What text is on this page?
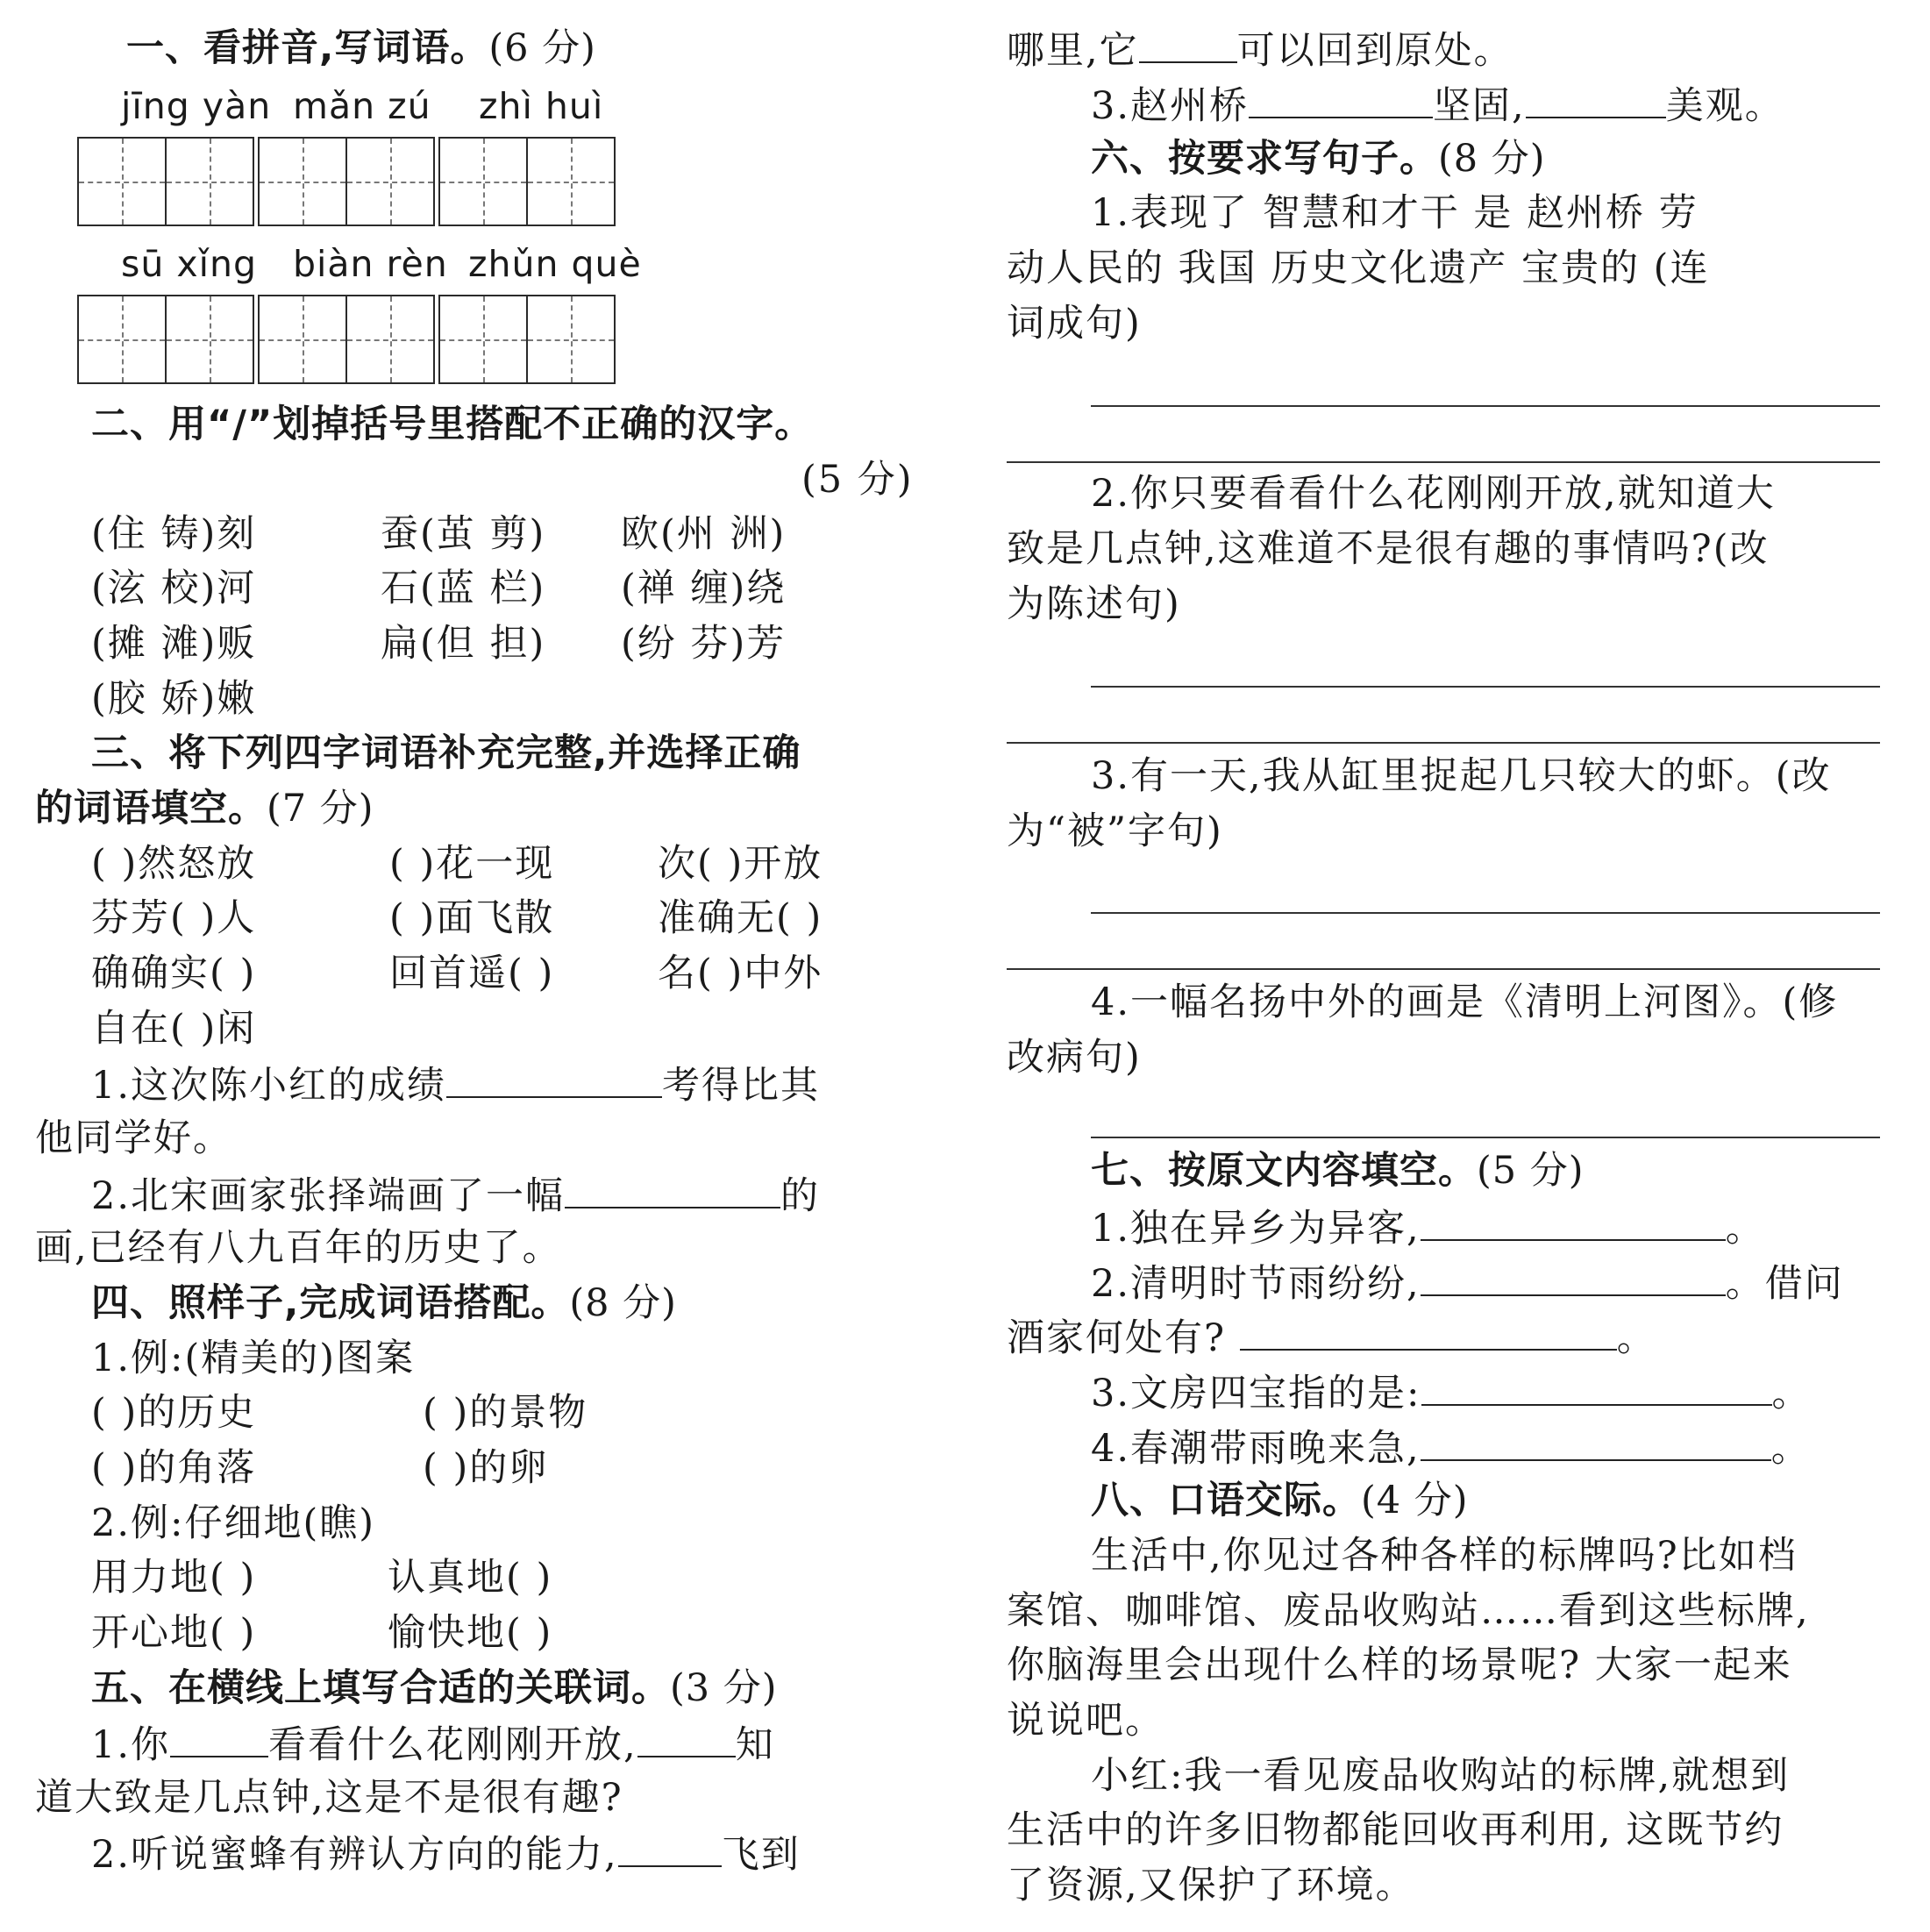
一、看拼音,写词语。(6 分)
jīng yàn mǎn zú zhì huì
sū xǐng biàn rèn zhǔn què
二、用“/”划掉括号里搭配不正确的汉字。
(5 分)
(住 铸)刻	蚕(茧 剪) 欧(州 洲)
(泫 校)河	石(蓝 栏) (禅 缠)绕
(摊 滩)贩	扁(但 担) (纷 芬)芳
(胶 娇)嫩
三、将下列四字词语补充完整,并选择正确
的词语填空。(7 分)
( )然怒放	( )花一现	次( )开放
芬芳( )人	( )面飞散	准确无( )
确确实( )	回首遥( )	名( )中外
自在( )闲
1.这次陈小红的成绩	考得比其
他同学好。
2.北宋画家张择端画了一幅	的
画,已经有八九百年的历史了。
四、照样子,完成词语搭配。(8 分)
1.例:(精美的)图案
( )的历史	( )的景物
( )的角落	( )的卵
2.例:仔细地(瞧)
用力地( )	认真地( )
开心地( )	愉快地( )
五、在横线上填写合适的关联词。(3 分)
1.你	看看什么花刚刚开放,	知
道大致是几点钟,这是不是很有趣?
2.听说蜜蜂有辨认方向的能力,	飞到
哪里,它	可以回到原处。
3.赵州桥	坚固,	美观。
六、按要求写句子。(8 分)
1.表现了 智慧和才干 是 赵州桥 劳
动人民的 我国 历史文化遗产 宝贵的 (连
词成句)
2.你只要看看什么花刚刚开放,就知道大
致是几点钟,这难道不是很有趣的事情吗?(改
为陈述句)
3.有一天,我从缸里捉起几只较大的虾。(改
为“被”字句)
4.一幅名扬中外的画是《清明上河图》。(修
改病句)
七、按原文内容填空。(5 分)
1.独在异乡为异客,	。
2.清明时节雨纷纷,	。借问
酒家何处有?	。
3.文房四宝指的是:	。
4.春潮带雨晚来急,	。
八、口语交际。(4 分)
生活中,你见过各种各样的标牌吗?比如档
案馆、咖啡馆、废品收购站……看到这些标牌,
你脑海里会出现什么样的场景呢? 大家一起来
说说吧。
小红:我一看见废品收购站的标牌,就想到
生活中的许多旧物都能回收再利用, 这既节约
了资源,又保护了环境。
